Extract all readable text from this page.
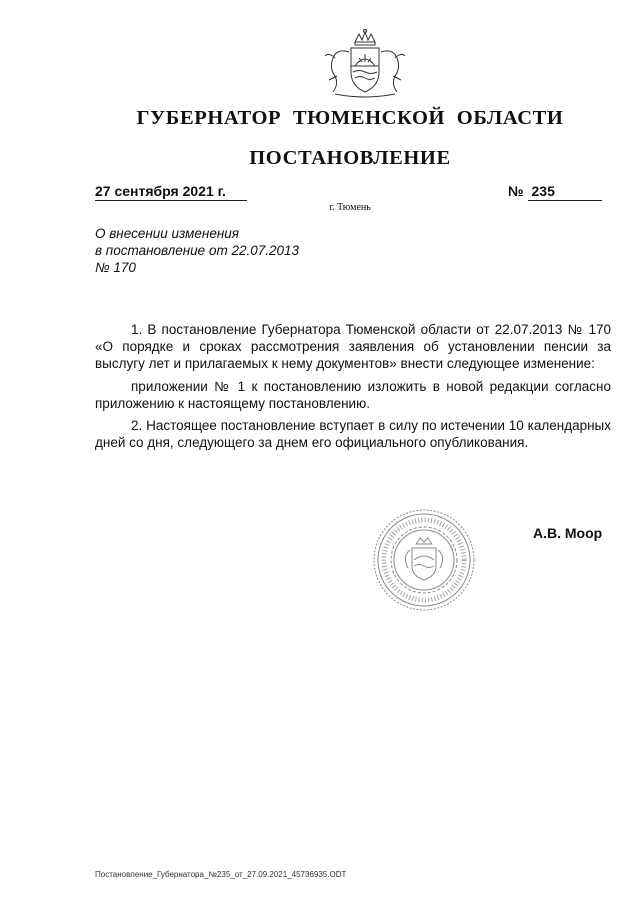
ГУБЕРНАТОР ТЮМЕНСКОЙ ОБЛАСТИ
ПОСТАНОВЛЕНИЕ
27 сентября 2021 г.	№ 235
г. Тюмень
О внесении изменения
в постановление от 22.07.2013
№ 170

1. В постановление Губернатора Тюменской области от 22.07.2013 № 170 «О порядке и сроках рассмотрения заявления об установлении пенсии за выслугу лет и прилагаемых к нему документов» внести следующее изменение:

приложении № 1 к постановлению изложить в новой редакции согласно приложению к настоящему постановлению.

2. Настоящее постановление вступает в силу по истечении 10 календарных дней со дня, следующего за днем его официального опубликования.

А.В. Моор
Постановление_Губернатора_№235_от_27.09.2021_45736935.ODT
